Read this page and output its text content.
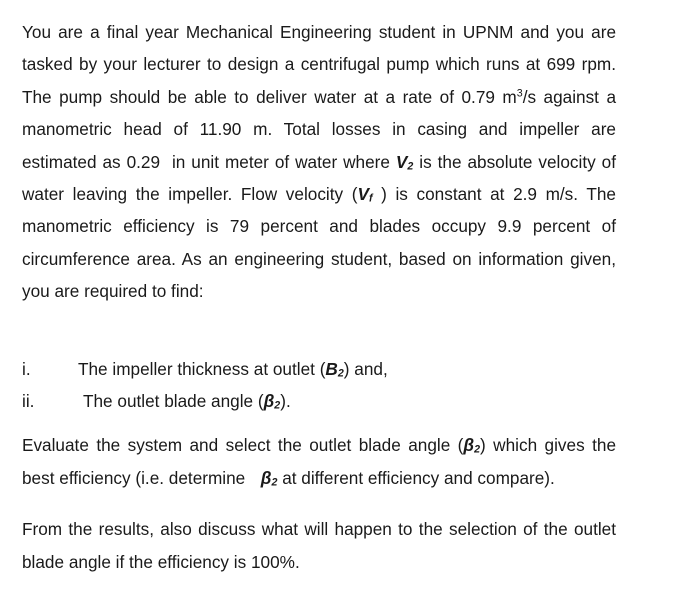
You are a final year Mechanical Engineering student in UPNM and you are tasked by your lecturer to design a centrifugal pump which runs at 699 rpm. The pump should be able to deliver water at a rate of 0.79 $m^3/s$ against a manometric head of 11.90 m. Total losses in casing and impeller are estimated as 0.29 in unit meter of water where $V_2$ is the absolute velocity of water leaving the impeller. Flow velocity ($V_f$ ) is constant at 2.9 m/s. The manometric efficiency is 79 percent and blades occupy 9.9 percent of circumference area. As an engineering student, based on information given, you are required to find:

i.	The impeller thickness at outlet $(B_2)$ and,
ii.	The outlet blade angle $(\beta_2)$.

Evaluate the system and select the outlet blade angle $(\beta_2)$ which gives the best efficiency (i.e. determine $\beta_2$ at different efficiency and compare).

From the results, also discuss what will happen to the selection of the outlet blade angle if the efficiency is 100%.
